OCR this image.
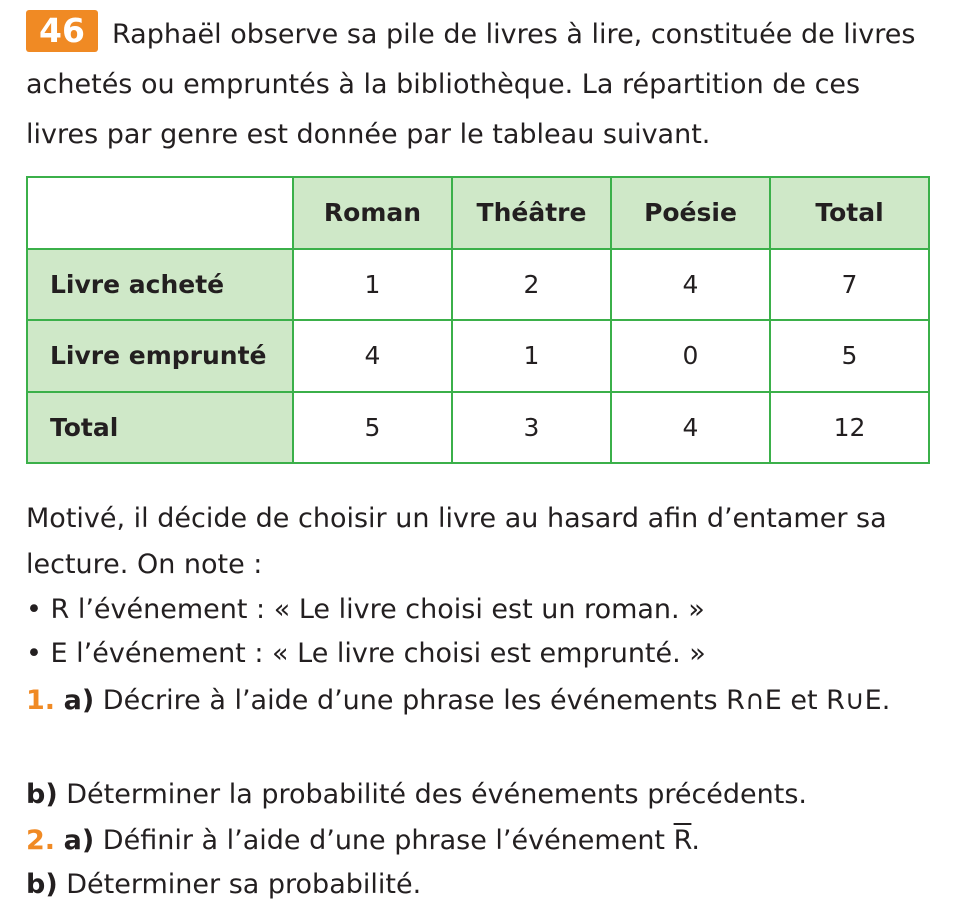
46	Raphaël observe sa pile de livres à lire, constituée de livres achetés ou empruntés à la bibliothèque. La répartition de ces livres par genre est donnée par le tableau suivant.

	Roman	Théâtre	Poésie	Total
Livre acheté	1	2	4	7
Livre emprunté	4	1	0	5
Total	5	3	4	12
Motivé, il décide de choisir un livre au hasard afin d’entamer sa lecture. On note :
• R l’événement : « Le livre choisi est un roman. »
• E l’événement : « Le livre choisi est emprunté. »

1. a) Décrire à l’aide d’une phrase les événements R∩E et R∪E.

b) Déterminer la probabilité des événements précédents.

2. a) Définir à l’aide d’une phrase l’événement $\overline{R}$.

b) Déterminer sa probabilité.
